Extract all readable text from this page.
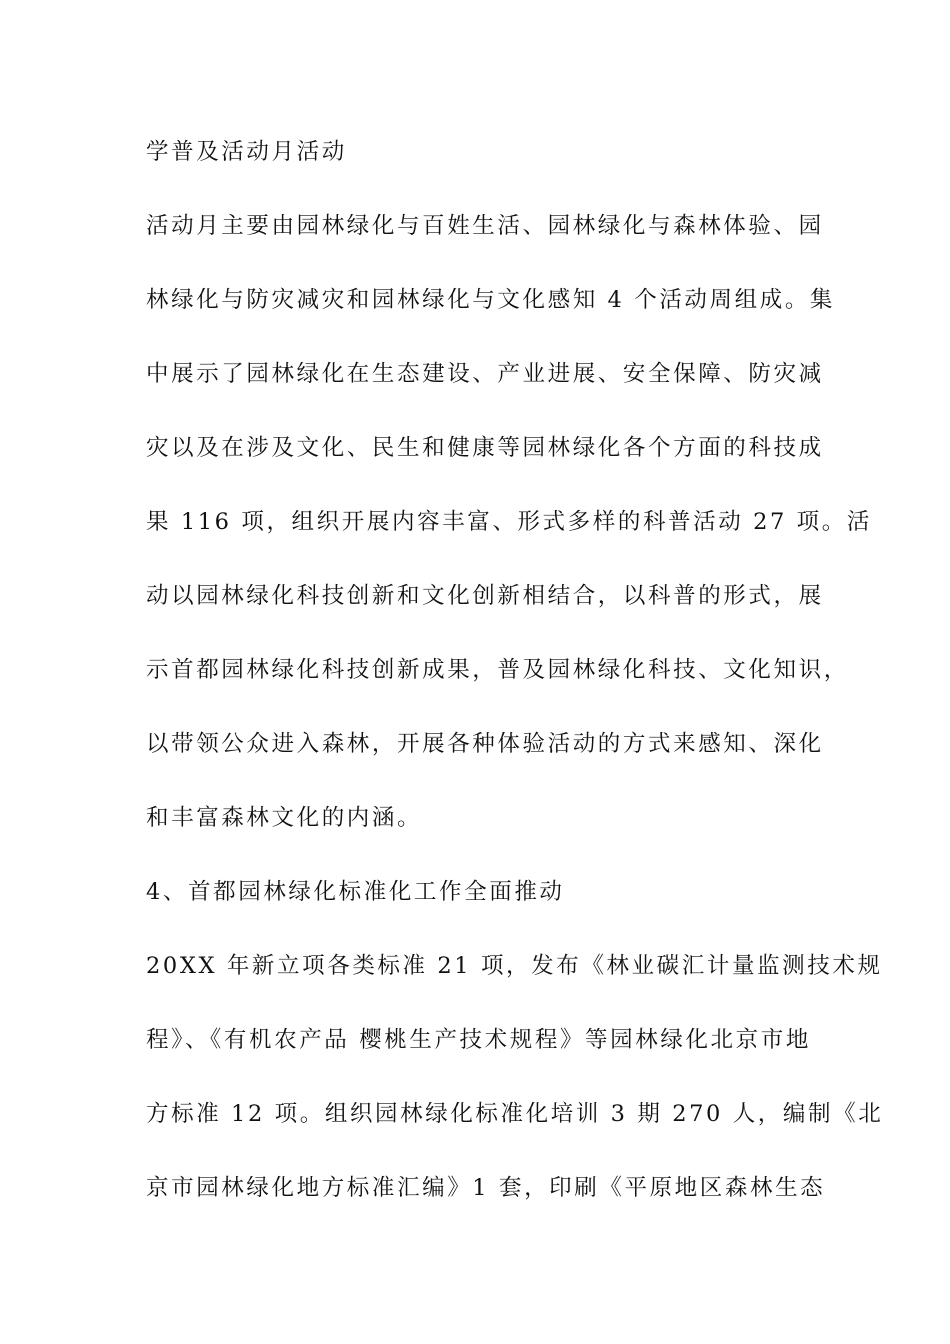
学普及活动月活动
活动月主要由园林绿化与百姓生活、园林绿化与森林体验、园
林绿化与防灾减灾和园林绿化与文化感知 4 个活动周组成。集
中展示了园林绿化在生态建设、产业进展、安全保障、防灾减
灾以及在涉及文化、民生和健康等园林绿化各个方面的科技成
果 116 项，组织开展内容丰富、形式多样的科普活动 27 项。活
动以园林绿化科技创新和文化创新相结合，以科普的形式，展
示首都园林绿化科技创新成果，普及园林绿化科技、文化知识，
以带领公众进入森林，开展各种体验活动的方式来感知、深化
和丰富森林文化的内涵。
4、首都园林绿化标准化工作全面推动
20XX 年新立项各类标准 21 项，发布《林业碳汇计量监测技术规
程》、《有机农产品 樱桃生产技术规程》等园林绿化北京市地
方标准 12 项。组织园林绿化标准化培训 3 期 270 人，编制《北
京市园林绿化地方标准汇编》1 套，印刷《平原地区森林生态
